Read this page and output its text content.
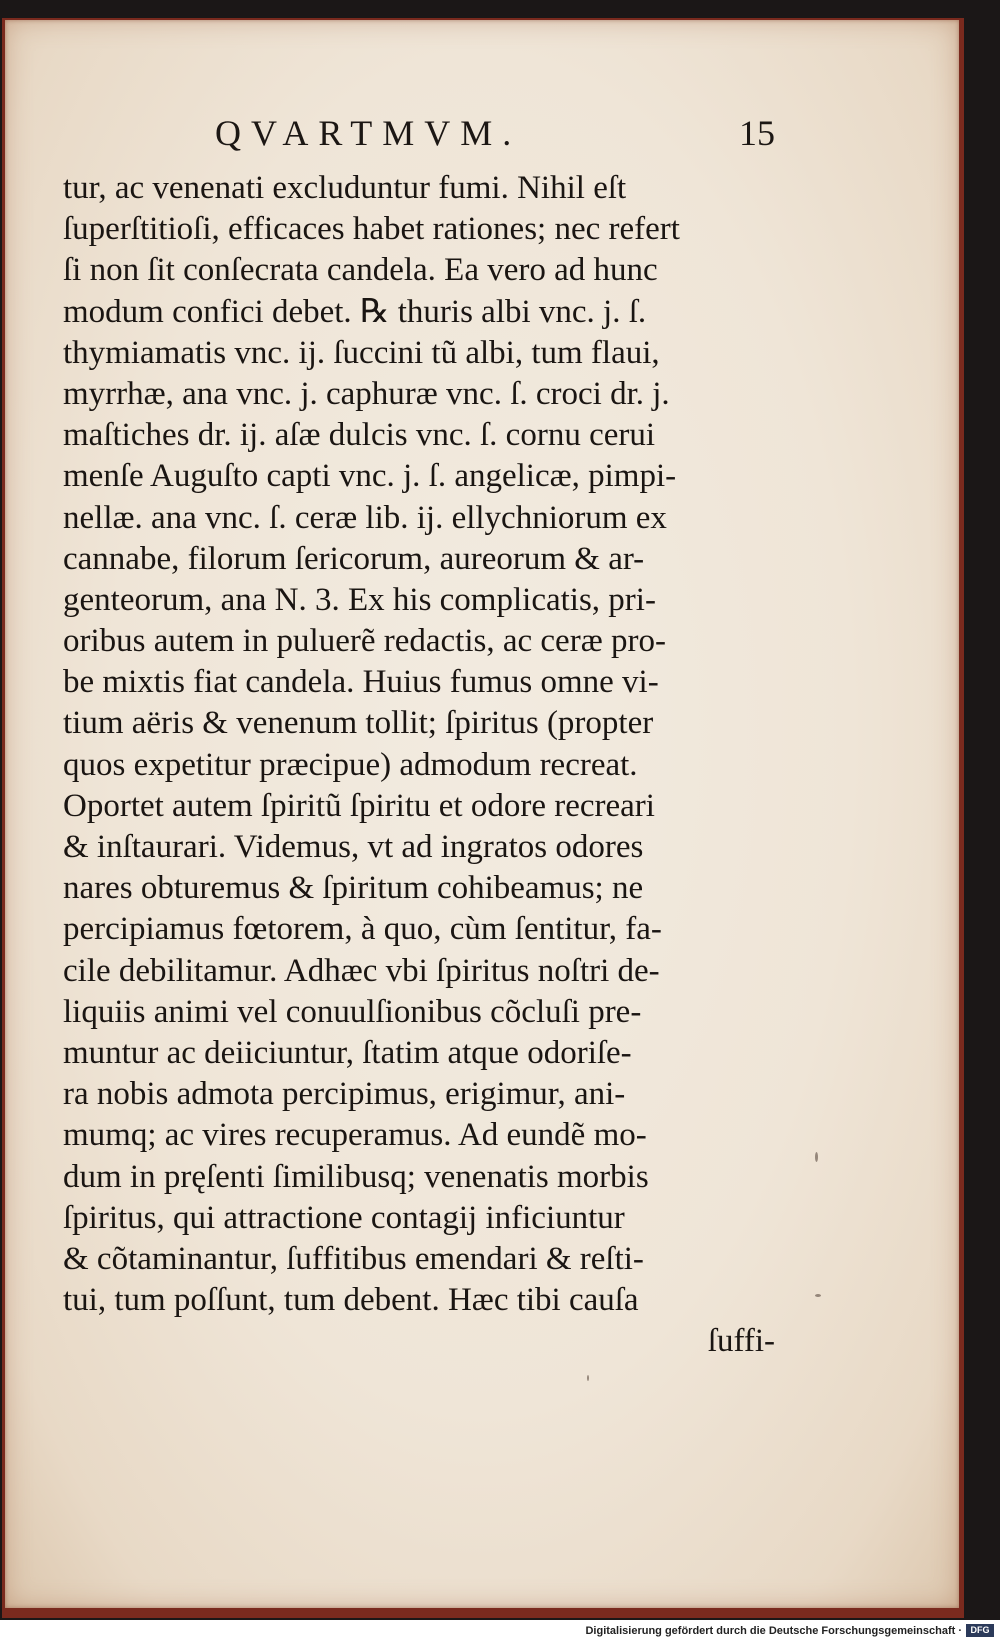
QVARTMVM.	15
tur, ac venenati excluduntur fumi. Nihil eſt
ſuperſtitioſi, efficaces habet rationes; nec refert
ſi non ſit conſecrata candela. Ea vero ad hunc
modum confici debet. ℞ thuris albi vnc. j. ſ.
thymiamatis vnc. ij. ſuccini tũ albi, tum flaui,
myrrhæ, ana vnc. j. caphuræ vnc. ſ. croci dr. j.
maſtiches dr. ij. aſæ dulcis vnc. ſ. cornu cerui
menſe Auguſto capti vnc. j. ſ. angelicæ, pimpi-
nellæ. ana vnc. ſ. ceræ lib. ij. ellychniorum ex
cannabe, filorum ſericorum, aureorum & ar-
genteorum, ana N. 3. Ex his complicatis, pri-
oribus autem in puluerẽ redactis, ac ceræ pro-
be mixtis fiat candela. Huius fumus omne vi-
tium aëris & venenum tollit; ſpiritus (propter
quos expetitur præcipue) admodum recreat.
Oportet autem ſpiritũ ſpiritu et odore recreari
& inſtaurari. Videmus, vt ad ingratos odores
nares obturemus & ſpiritum cohibeamus; ne
percipiamus fœtorem, à quo, cùm ſentitur, fa-
cile debilitamur. Adhæc vbi ſpiritus noſtri de-
liquiis animi vel conuulſionibus cõcluſi pre-
muntur ac deiiciuntur, ſtatim atque odoriſe-
ra nobis admota percipimus, erigimur, ani-
mumq; ac vires recuperamus. Ad eundẽ mo-
dum in pręſenti ſimilibusq; venenatis morbis
ſpiritus, qui attractione contagij inficiuntur
& cõtaminantur, ſuffitibus emendari & reſti-
tui, tum poſſunt, tum debent. Hæc tibi cauſa
ſuffi-
Digitalisierung gefördert durch die Deutsche Forschungsgemeinschaft · DFG
